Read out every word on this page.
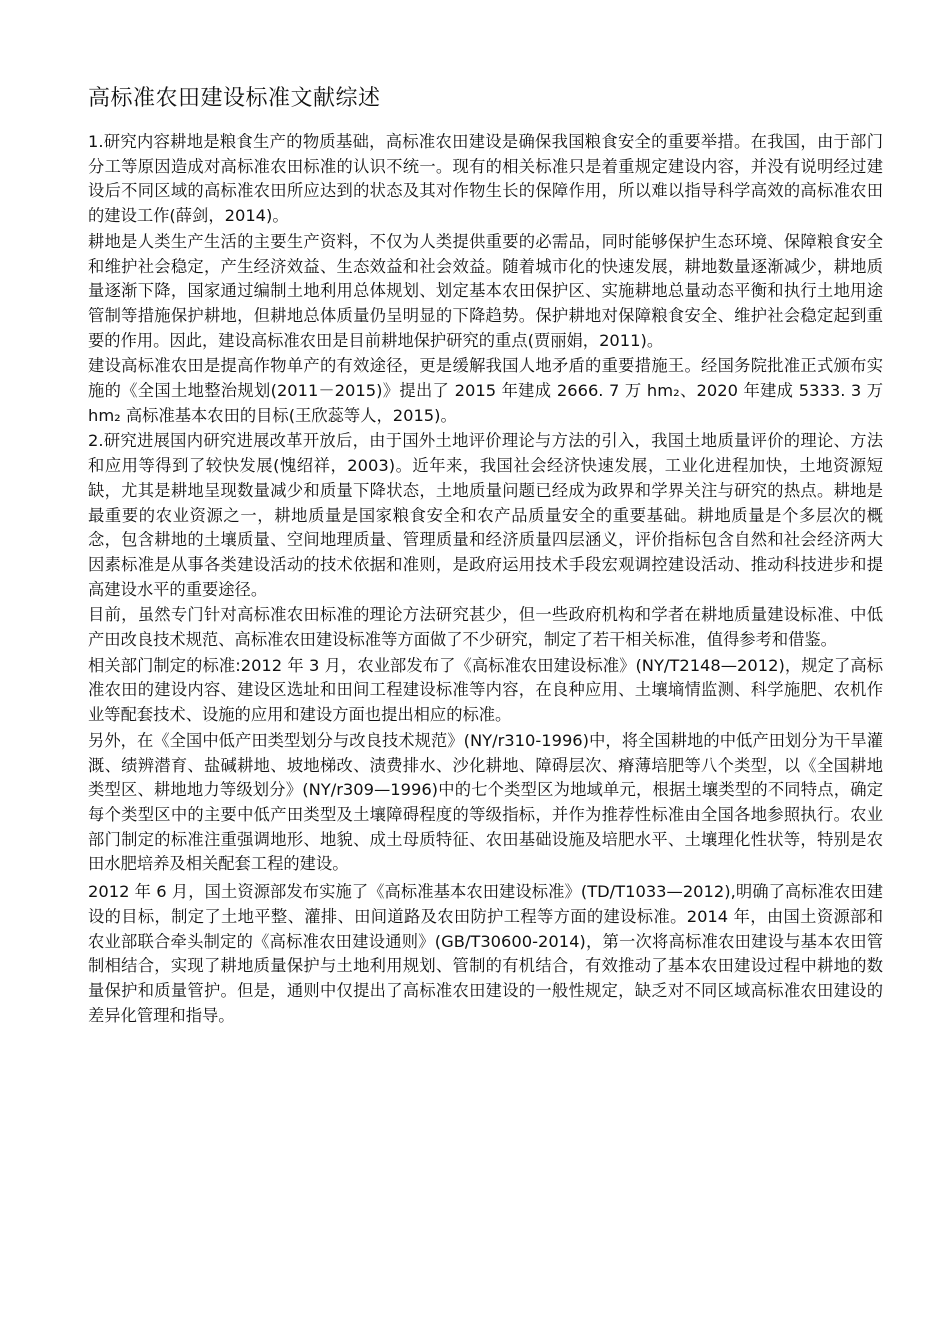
高标准农田建设标准文献综述

1.研究内容耕地是粮食生产的物质基础，高标准农田建设是确保我国粮食安全的重要举措。在我国，由于部门分工等原因造成对高标准农田标准的认识不统一。现有的相关标准只是着重规定建设内容，并没有说明经过建设后不同区域的高标准农田所应达到的状态及其对作物生长的保障作用，所以难以指导科学高效的高标准农田的建设工作(薛剑，2014)。

耕地是人类生产生活的主要生产资料，不仅为人类提供重要的必需品，同时能够保护生态环境、保障粮食安全和维护社会稳定，产生经济效益、生态效益和社会效益。随着城市化的快速发展，耕地数量逐渐减少，耕地质量逐渐下降，国家通过编制土地利用总体规划、划定基本农田保护区、实施耕地总量动态平衡和执行土地用途管制等措施保护耕地，但耕地总体质量仍呈明显的下降趋势。保护耕地对保障粮食安全、维护社会稳定起到重要的作用。因此，建设高标准农田是目前耕地保护研究的重点(贾丽娟，2011)。

建设高标准农田是提高作物单产的有效途径，更是缓解我国人地矛盾的重要措施王。经国务院批准正式颁布实施的《全国土地整治规划(2011－2015)》提出了 2015 年建成 2666. 7 万 hm₂、2020 年建成 5333. 3 万 hm₂ 高标准基本农田的目标(王欣蕊等人，2015)。

2.研究进展国内研究进展改革开放后，由于国外土地评价理论与方法的引入，我国土地质量评价的理论、方法和应用等得到了较快发展(愧绍祥，2003)。近年来，我国社会经济快速发展，工业化进程加快，土地资源短缺，尤其是耕地呈现数量减少和质量下降状态，土地质量问题已经成为政界和学界关注与研究的热点。耕地是最重要的农业资源之一，耕地质量是国家粮食安全和农产品质量安全的重要基础。耕地质量是个多层次的概念，包含耕地的土壤质量、空间地理质量、管理质量和经济质量四层涵义，评价指标包含自然和社会经济两大因素标准是从事各类建设活动的技术依据和准则，是政府运用技术手段宏观调控建设活动、推动科技进步和提高建设水平的重要途径。

目前，虽然专门针对高标准农田标准的理论方法研究甚少，但一些政府机构和学者在耕地质量建设标准、中低产田改良技术规范、高标准农田建设标准等方面做了不少研究，制定了若干相关标准，值得参考和借鉴。

相关部门制定的标准:2012 年 3 月，农业部发布了《高标准农田建设标准》(NY/T2148—2012)，规定了高标准农田的建设内容、建设区选址和田间工程建设标准等内容，在良种应用、土壤墒情监测、科学施肥、农机作业等配套技术、设施的应用和建设方面也提出相应的标准。

另外，在《全国中低产田类型划分与改良技术规范》(NY/r310-1996)中，将全国耕地的中低产田划分为干旱灌溉、绩辨潜育、盐碱耕地、坡地梯改、渍费排水、沙化耕地、障碍层次、瘠薄培肥等八个类型，以《全国耕地类型区、耕地地力等级划分》(NY/r309—1996)中的七个类型区为地域单元，根据土壤类型的不同特点，确定每个类型区中的主要中低产田类型及土壤障碍程度的等级指标，并作为推荐性标准由全国各地参照执行。农业部门制定的标准注重强调地形、地貌、成土母质特征、农田基础设施及培肥水平、土壤理化性状等，特别是农田水肥培养及相关配套工程的建设。

2012 年 6 月，国土资源部发布实施了《高标准基本农田建设标准》(TD/T1033—2012),明确了高标准农田建设的目标，制定了土地平整、灌排、田间道路及农田防护工程等方面的建设标准。2014 年，由国土资源部和农业部联合牵头制定的《高标准农田建设通则》(GB/T30600-2014)，第一次将高标准农田建设与基本农田管制相结合，实现了耕地质量保护与土地利用规划、管制的有机结合，有效推动了基本农田建设过程中耕地的数量保护和质量管护。但是，通则中仅提出了高标准农田建设的一般性规定，缺乏对不同区域高标准农田建设的差异化管理和指导。
